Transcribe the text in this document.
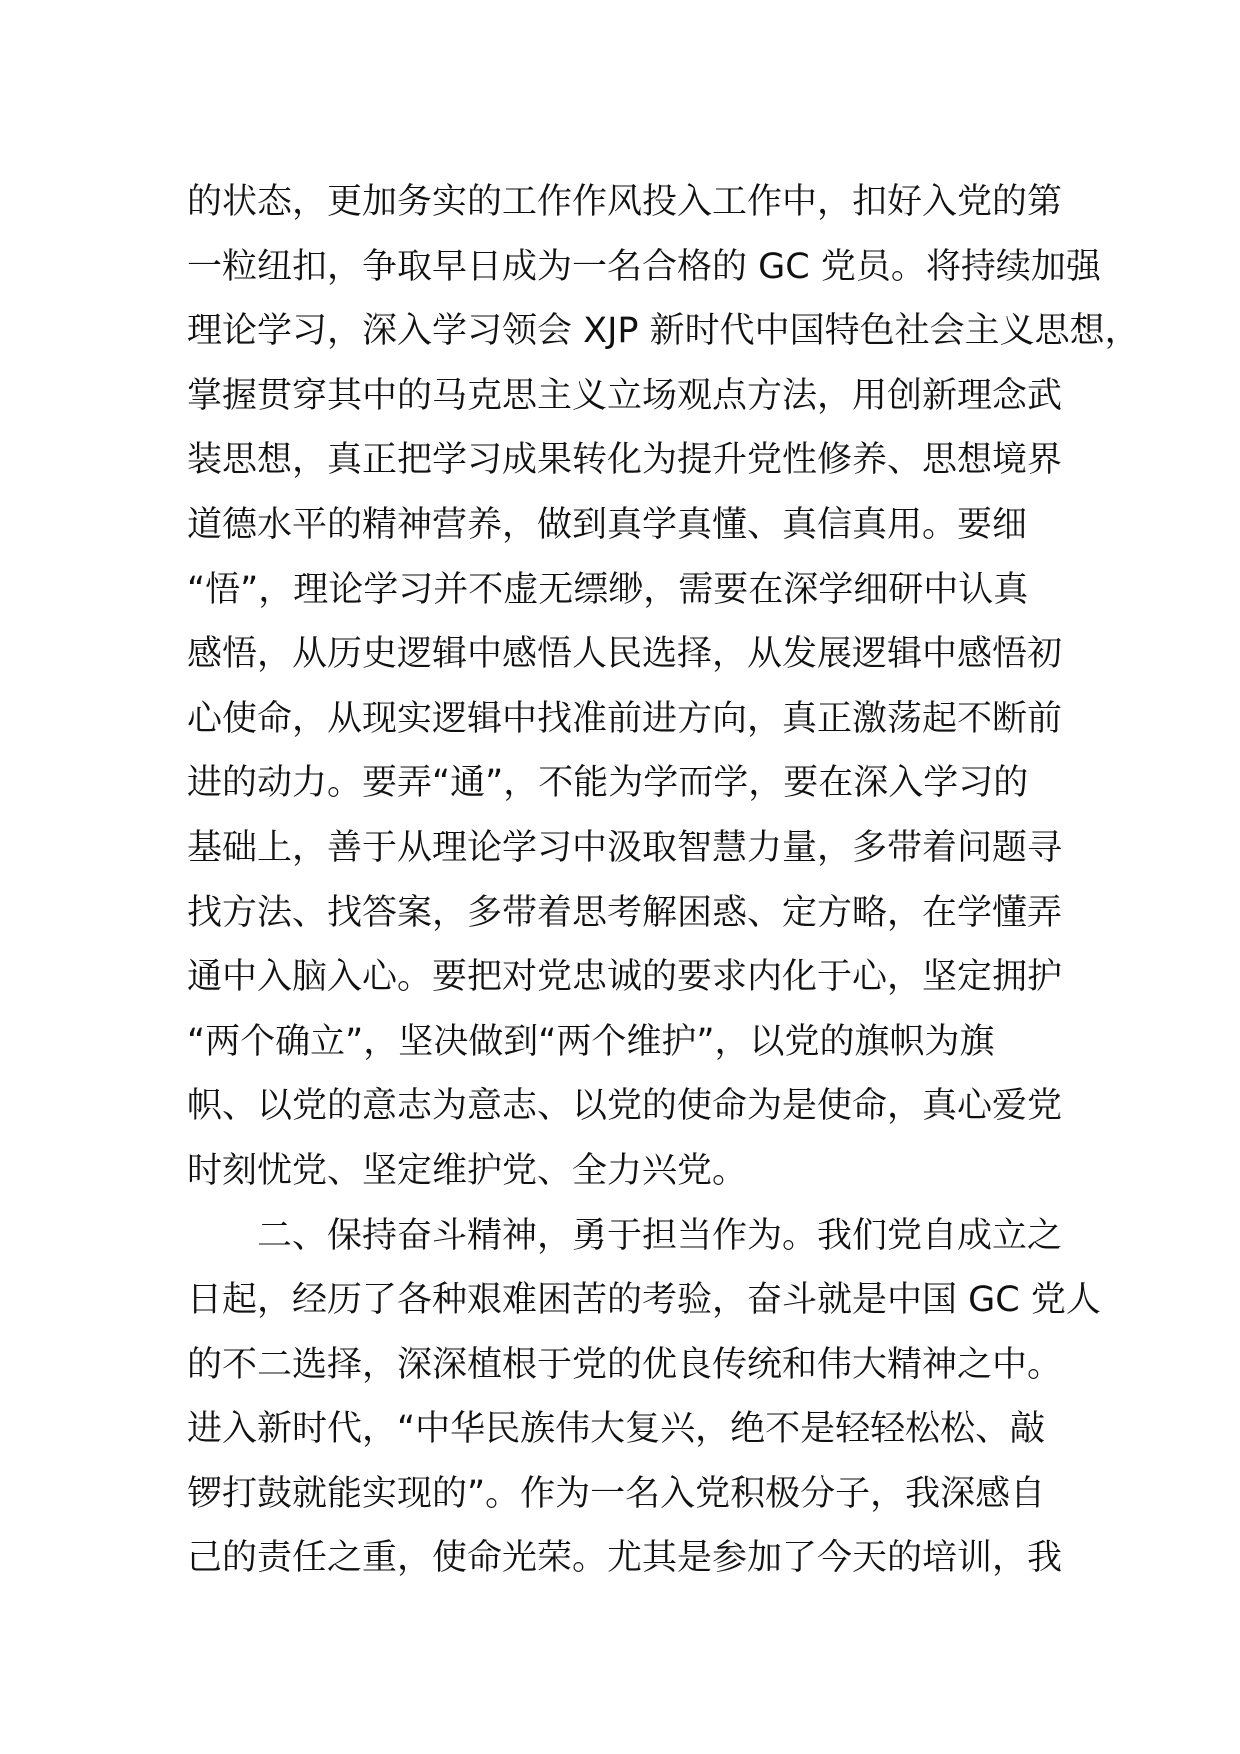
的状态，更加务实的工作作风投入工作中，扣好入党的第
一粒纽扣，争取早日成为一名合格的 GC 党员。将持续加强
理论学习，深入学习领会 XJP 新时代中国特色社会主义思想，
掌握贯穿其中的马克思主义立场观点方法，用创新理念武
装思想，真正把学习成果转化为提升党性修养、思想境界
道德水平的精神营养，做到真学真懂、真信真用。要细
“悟”，理论学习并不虚无缥缈，需要在深学细研中认真
感悟，从历史逻辑中感悟人民选择，从发展逻辑中感悟初
心使命，从现实逻辑中找准前进方向，真正激荡起不断前
进的动力。要弄“通”，不能为学而学，要在深入学习的
基础上，善于从理论学习中汲取智慧力量，多带着问题寻
找方法、找答案，多带着思考解困惑、定方略，在学懂弄
通中入脑入心。要把对党忠诚的要求内化于心，坚定拥护
“两个确立”，坚决做到“两个维护”，以党的旗帜为旗
帜、以党的意志为意志、以党的使命为是使命，真心爱党
时刻忧党、坚定维护党、全力兴党。
　　二、保持奋斗精神，勇于担当作为。我们党自成立之
日起，经历了各种艰难困苦的考验，奋斗就是中国 GC 党人
的不二选择，深深植根于党的优良传统和伟大精神之中。
进入新时代，“中华民族伟大复兴，绝不是轻轻松松、敲
锣打鼓就能实现的”。作为一名入党积极分子，我深感自
己的责任之重，使命光荣。尤其是参加了今天的培训，我
